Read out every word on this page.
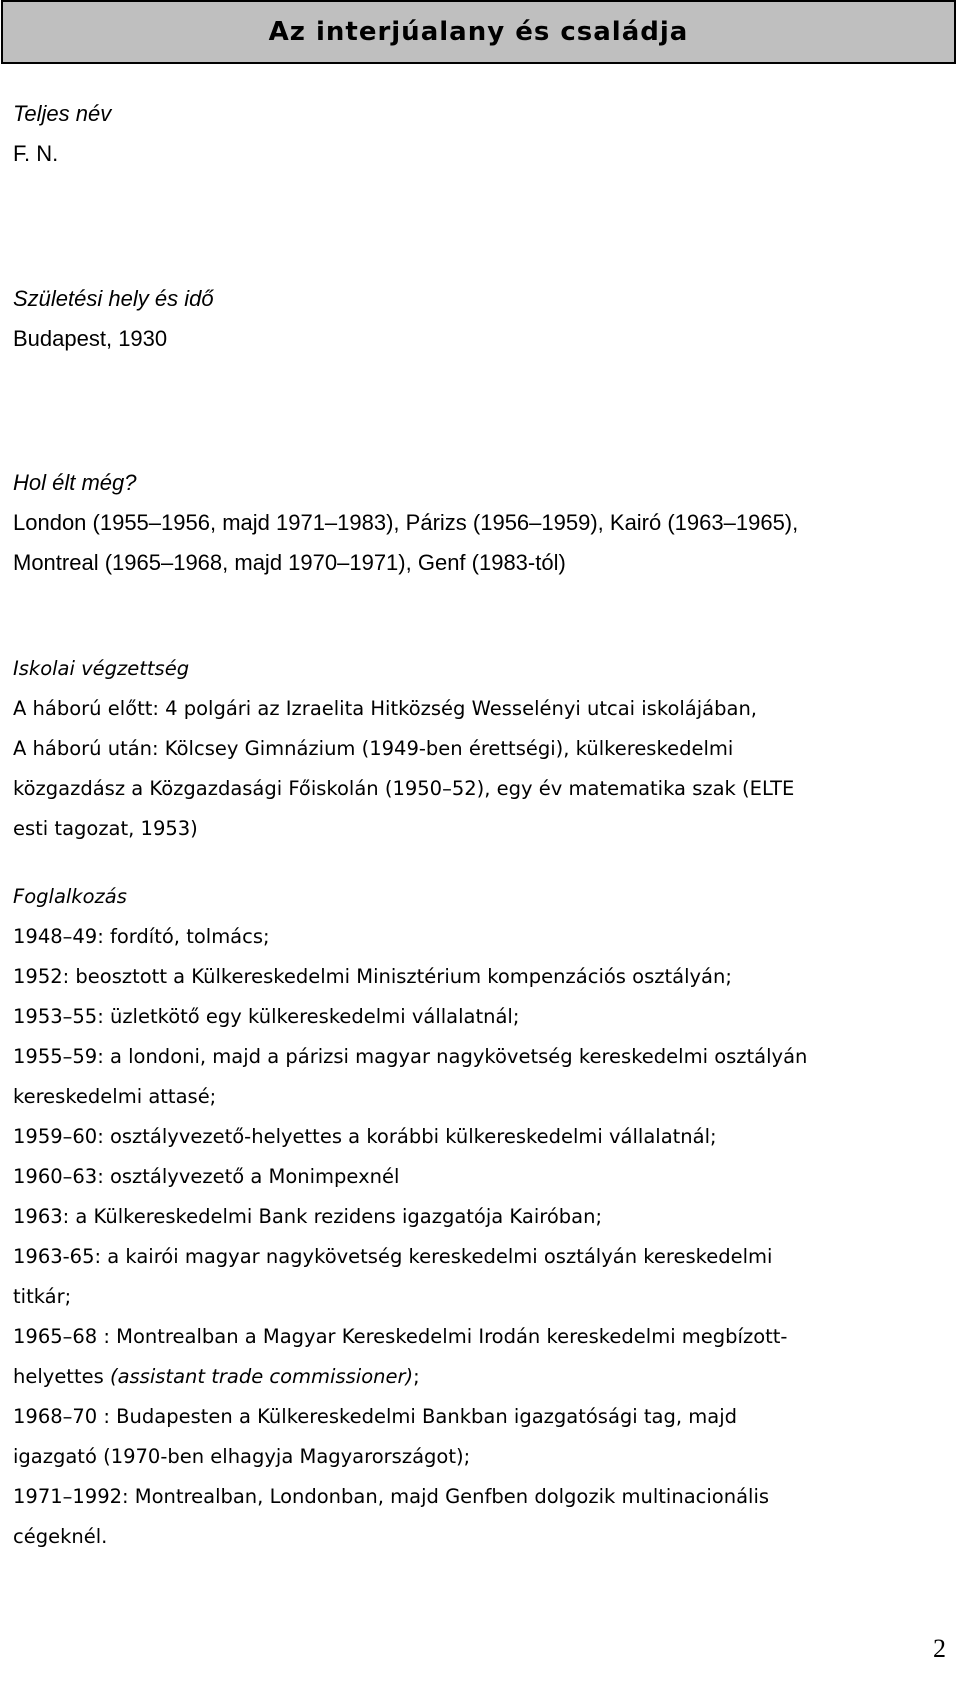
Az interjúalany és családja
Teljes név
F. N.
Születési hely és idő
Budapest, 1930
Hol élt még?
London (1955–1956, majd 1971–1983), Párizs (1956–1959), Kairó (1963–1965),
Montreal (1965–1968, majd 1970–1971), Genf (1983-tól)
Iskolai végzettség
A háború előtt: 4 polgári az Izraelita Hitközség Wesselényi utcai iskolájában,
A háború után: Kölcsey Gimnázium (1949-ben érettségi), külkereskedelmi
közgazdász a Közgazdasági Főiskolán (1950–52), egy év matematika szak (ELTE
esti tagozat, 1953)
Foglalkozás
1948–49: fordító, tolmács;
1952: beosztott a Külkereskedelmi Minisztérium kompenzációs osztályán;
1953–55: üzletkötő egy külkereskedelmi vállalatnál;
1955–59: a londoni, majd a párizsi magyar nagykövetség kereskedelmi osztályán
kereskedelmi attasé;
1959–60: osztályvezető-helyettes a korábbi külkereskedelmi vállalatnál;
1960–63: osztályvezető a Monimpexnél
1963: a Külkereskedelmi Bank rezidens igazgatója Kairóban;
1963-65: a kairói magyar nagykövetség kereskedelmi osztályán kereskedelmi
titkár;
1965–68 : Montrealban a Magyar Kereskedelmi Irodán kereskedelmi megbízott-
helyettes (assistant trade commissioner);
1968–70 : Budapesten a Külkereskedelmi Bankban igazgatósági tag, majd
igazgató (1970-ben elhagyja Magyarországot);
1971–1992: Montrealban, Londonban, majd Genfben dolgozik multinacionális
cégeknél.
2
